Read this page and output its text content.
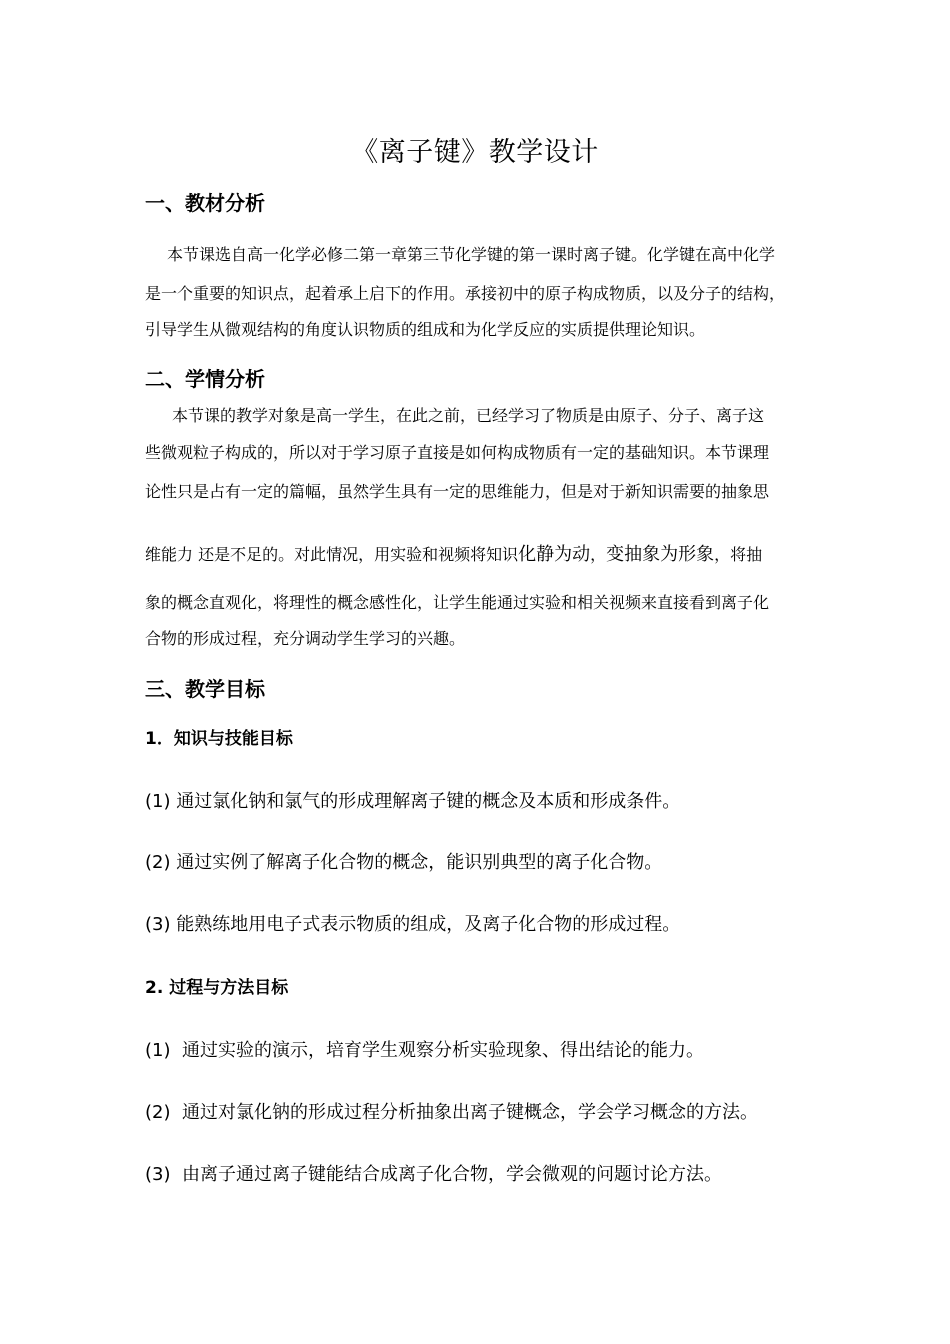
《离子键》教学设计
一、教材分析
本节课选自高一化学必修二第一章第三节化学键的第一课时离子键。化学键在高中化学
是一个重要的知识点，起着承上启下的作用。承接初中的原子构成物质，以及分子的结构，
引导学生从微观结构的角度认识物质的组成和为化学反应的实质提供理论知识。
二、学情分析
本节课的教学对象是高一学生，在此之前，已经学习了物质是由原子、分子、离子这
些微观粒子构成的，所以对于学习原子直接是如何构成物质有一定的基础知识。本节课理
论性只是占有一定的篇幅，虽然学生具有一定的思维能力，但是对于新知识需要的抽象思
维能力 还是不足的。对此情况，用实验和视频将知识化静为动，变抽象为形象，将抽
象的概念直观化，将理性的概念感性化，让学生能通过实验和相关视频来直接看到离子化
合物的形成过程，充分调动学生学习的兴趣。
三、教学目标
1．知识与技能目标
(1) 通过氯化钠和氯气的形成理解离子键的概念及本质和形成条件。
(2) 通过实例了解离子化合物的概念，能识别典型的离子化合物。
(3) 能熟练地用电子式表示物质的组成，及离子化合物的形成过程。
2. 过程与方法目标
(1) 通过实验的演示，培育学生观察分析实验现象、得出结论的能力。
(2) 通过对氯化钠的形成过程分析抽象出离子键概念，学会学习概念的方法。
(3) 由离子通过离子键能结合成离子化合物，学会微观的问题讨论方法。
